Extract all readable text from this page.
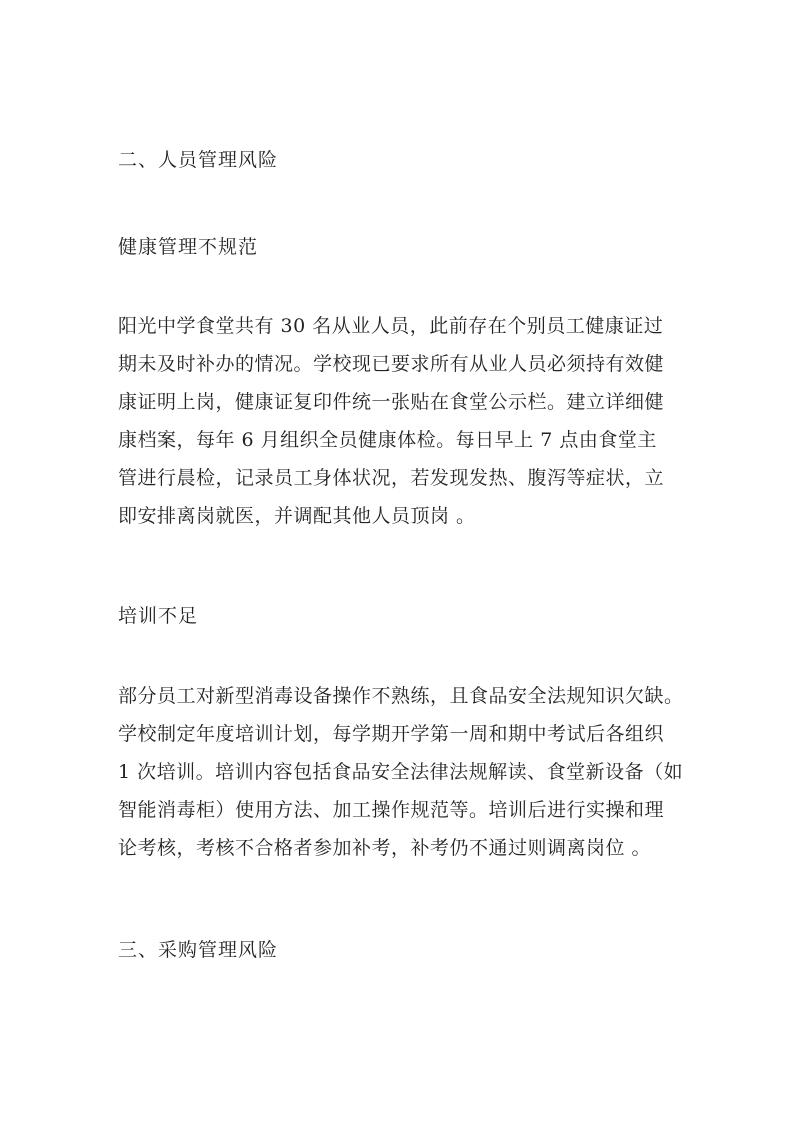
二、人员管理风险
健康管理不规范
阳光中学食堂共有 30 名从业人员，此前存在个别员工健康证过
期未及时补办的情况。学校现已要求所有从业人员必须持有效健
康证明上岗，健康证复印件统一张贴在食堂公示栏。建立详细健
康档案，每年 6 月组织全员健康体检。每日早上 7 点由食堂主
管进行晨检，记录员工身体状况，若发现发热、腹泻等症状，立
即安排离岗就医，并调配其他人员顶岗 。
培训不足
部分员工对新型消毒设备操作不熟练，且食品安全法规知识欠缺。
学校制定年度培训计划，每学期开学第一周和期中考试后各组织
1 次培训。培训内容包括食品安全法律法规解读、食堂新设备（如
智能消毒柜）使用方法、加工操作规范等。培训后进行实操和理
论考核，考核不合格者参加补考，补考仍不通过则调离岗位 。
三、采购管理风险
